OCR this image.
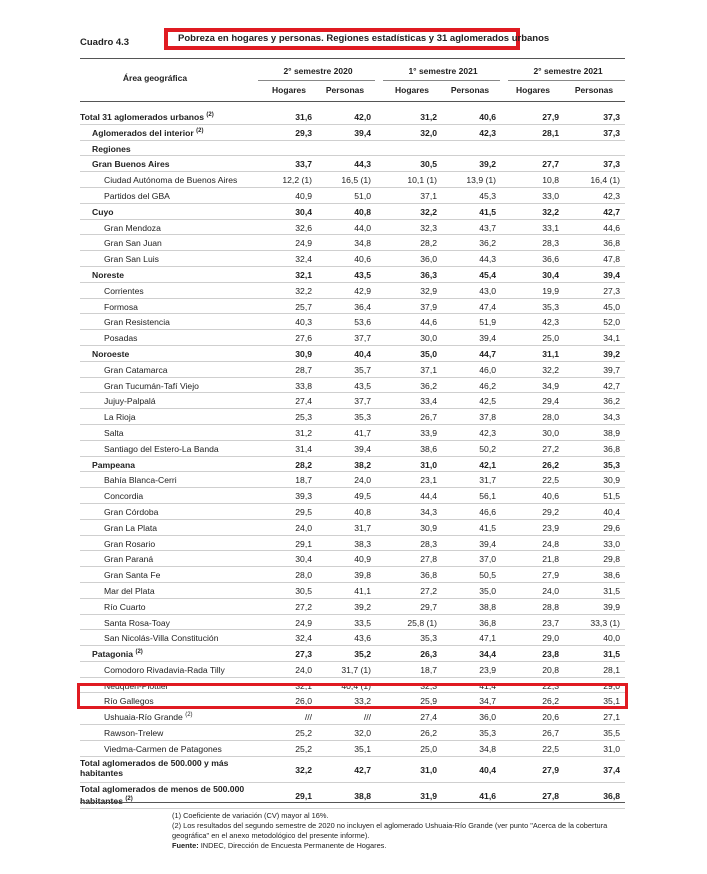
Cuadro 4.3	Pobreza en hogares y personas. Regiones estadísticas y 31 aglomerados urbanos
Área geográfica
2° semestre 2020	1° semestre 2021	2° semestre 2021
Hogares	Personas	Hogares	Personas	Hogares	Personas
Total 31 aglomerados urbanos $^{(2)}$	31,6	42,0	31,2	40,6	27,9	37,3
Aglomerados del interior $^{(2)}$	29,3	39,4	32,0	42,3	28,1	37,3
Regiones
Gran Buenos Aires	33,7	44,3	30,5	39,2	27,7	37,3
Ciudad Autónoma de Buenos Aires	12,2 (1)	16,5 (1)	10,1 (1)	13,9 (1)	10,8	16,4 (1)
Partidos del GBA	40,9	51,0	37,1	45,3	33,0	42,3
Cuyo	30,4	40,8	32,2	41,5	32,2	42,7
Gran Mendoza	32,6	44,0	32,3	43,7	33,1	44,6
Gran San Juan	24,9	34,8	28,2	36,2	28,3	36,8
Gran San Luis	32,4	40,6	36,0	44,3	36,6	47,8
Noreste	32,1	43,5	36,3	45,4	30,4	39,4
Corrientes	32,2	42,9	32,9	43,0	19,9	27,3
Formosa	25,7	36,4	37,9	47,4	35,3	45,0
Gran Resistencia	40,3	53,6	44,6	51,9	42,3	52,0
Posadas	27,6	37,7	30,0	39,4	25,0	34,1
Noroeste	30,9	40,4	35,0	44,7	31,1	39,2
Gran Catamarca	28,7	35,7	37,1	46,0	32,2	39,7
Gran Tucumán-Tafí Viejo	33,8	43,5	36,2	46,2	34,9	42,7
Jujuy-Palpalá	27,4	37,7	33,4	42,5	29,4	36,2
La Rioja	25,3	35,3	26,7	37,8	28,0	34,3
Salta	31,2	41,7	33,9	42,3	30,0	38,9
Santiago del Estero-La Banda	31,4	39,4	38,6	50,2	27,2	36,8
Pampeana	28,2	38,2	31,0	42,1	26,2	35,3
Bahía Blanca-Cerri	18,7	24,0	23,1	31,7	22,5	30,9
Concordia	39,3	49,5	44,4	56,1	40,6	51,5
Gran Córdoba	29,5	40,8	34,3	46,6	29,2	40,4
Gran La Plata	24,0	31,7	30,9	41,5	23,9	29,6
Gran Rosario	29,1	38,3	28,3	39,4	24,8	33,0
Gran Paraná	30,4	40,9	27,8	37,0	21,8	29,8
Gran Santa Fe	28,0	39,8	36,8	50,5	27,9	38,6
Mar del Plata	30,5	41,1	27,2	35,0	24,0	31,5
Río Cuarto	27,2	39,2	29,7	38,8	28,8	39,9
Santa Rosa-Toay	24,9	33,5	25,8 (1)	36,8	23,7	33,3 (1)
San Nicolás-Villa Constitución	32,4	43,6	35,3	47,1	29,0	40,0
Patagonia $^{(2)}$	27,3	35,2	26,3	34,4	23,8	31,5
Comodoro Rivadavia-Rada Tilly	24,0	31,7 (1)	18,7	23,9	20,8	28,1
Neuquén-Plottier	32,1	40,4 (1)	32,3	41,4	22,3	29,0
Río Gallegos	26,0	33,2	25,9	34,7	26,2	35,1
Ushuaia-Río Grande $^{(2)}$	///	///	27,4	36,0	20,6	27,1
Rawson-Trelew	25,2	32,0	26,2	35,3	26,7	35,5
Viedma-Carmen de Patagones	25,2	35,1	25,0	34,8	22,5	31,0
Total aglomerados de 500.000 y más habitantes	32,2	42,7	31,0	40,4	27,9	37,4
Total aglomerados de menos de 500.000 habitantes $^{(2)}$	29,1	38,8	31,9	41,6	27,8	36,8
(1) Coeficiente de variación (CV) mayor al 16%.
(2) Los resultados del segundo semestre de 2020 no incluyen el aglomerado Ushuaia-Río Grande (ver punto "Acerca de la cobertura geográfica" en el anexo metodológico del presente informe).
Fuente: INDEC, Dirección de Encuesta Permanente de Hogares.
